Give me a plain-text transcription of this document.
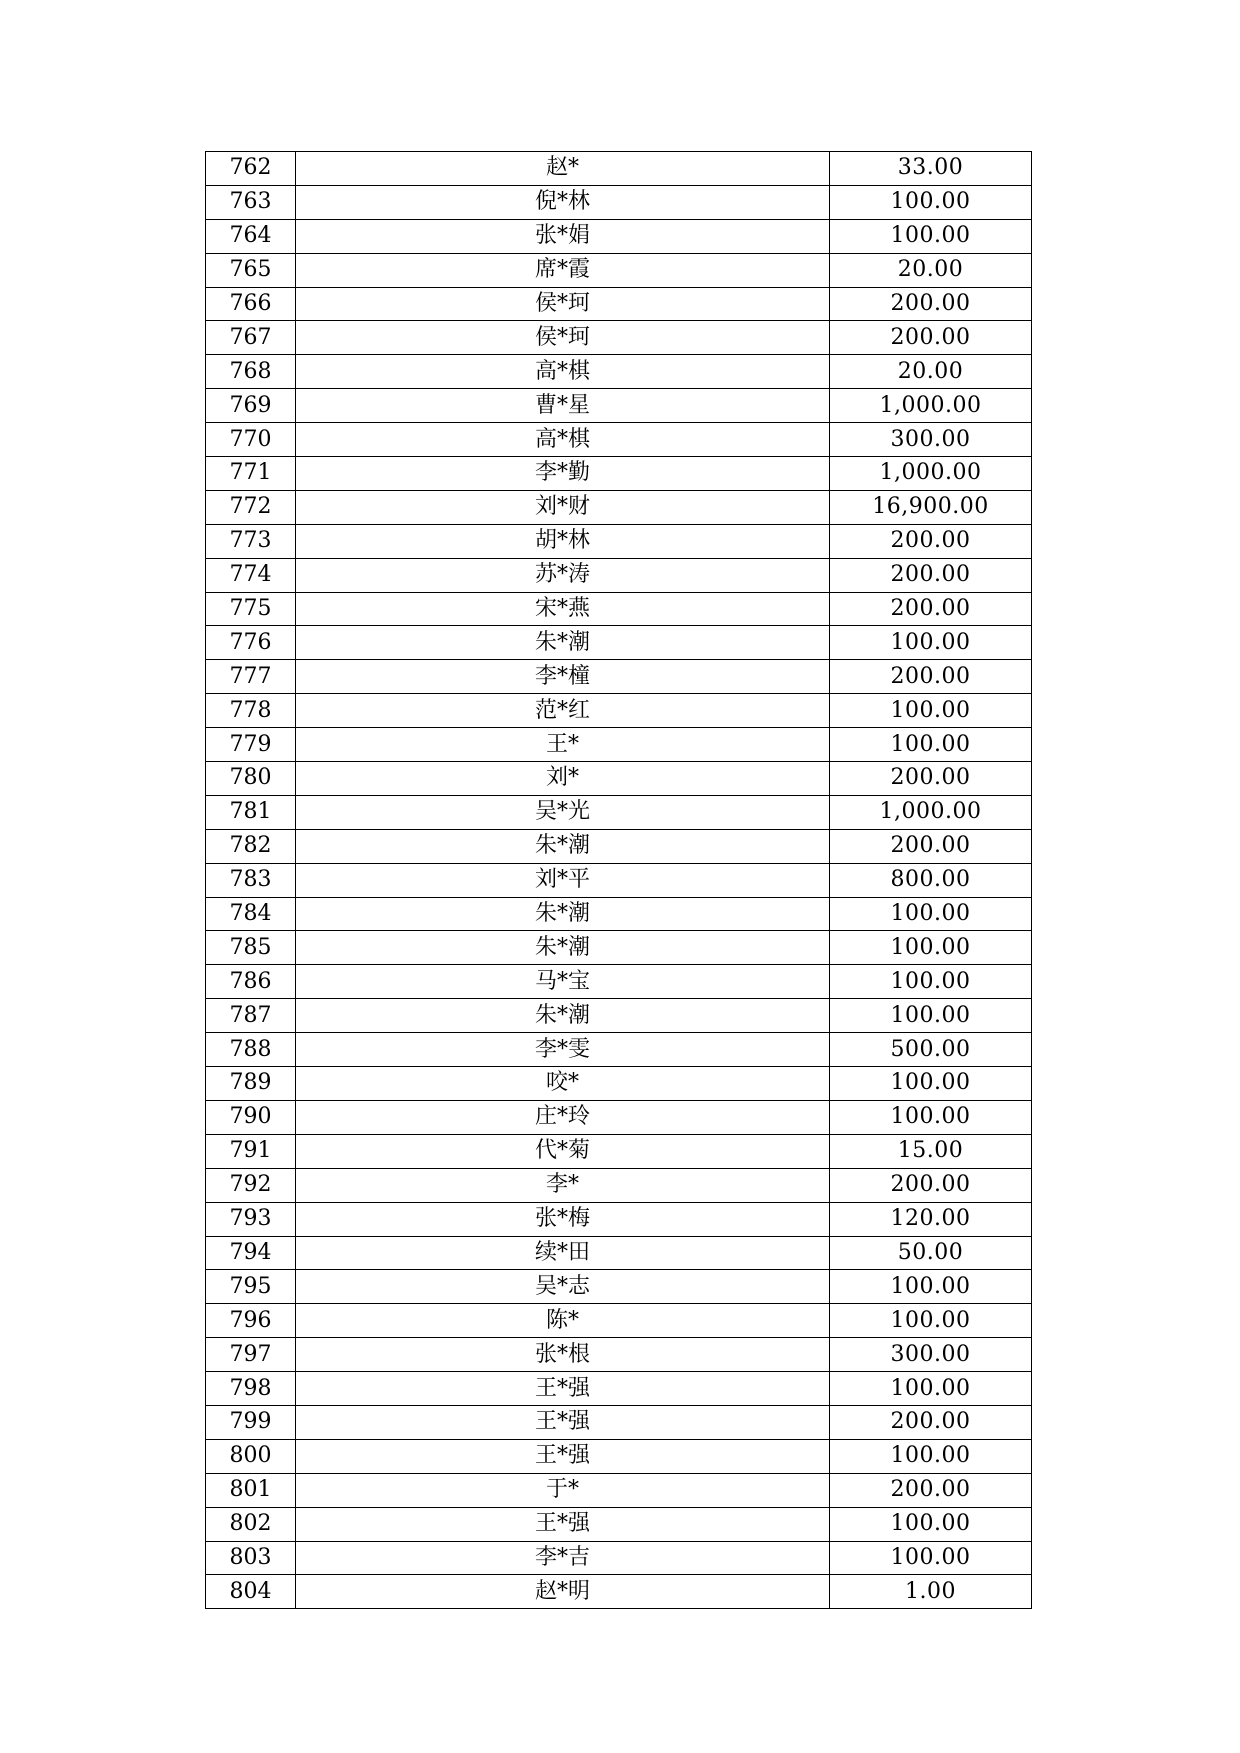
762	赵*	33.00
763	倪*林	100.00
764	张*娟	100.00
765	席*霞	20.00
766	侯*珂	200.00
767	侯*珂	200.00
768	高*棋	20.00
769	曹*星	1,000.00
770	高*棋	300.00
771	李*勤	1,000.00
772	刘*财	16,900.00
773	胡*林	200.00
774	苏*涛	200.00
775	宋*燕	200.00
776	朱*潮	100.00
777	李*橦	200.00
778	范*红	100.00
779	王*	100.00
780	刘*	200.00
781	吴*光	1,000.00
782	朱*潮	200.00
783	刘*平	800.00
784	朱*潮	100.00
785	朱*潮	100.00
786	马*宝	100.00
787	朱*潮	100.00
788	李*雯	500.00
789	咬*	100.00
790	庄*玲	100.00
791	代*菊	15.00
792	李*	200.00
793	张*梅	120.00
794	续*田	50.00
795	吴*志	100.00
796	陈*	100.00
797	张*根	300.00
798	王*强	100.00
799	王*强	200.00
800	王*强	100.00
801	于*	200.00
802	王*强	100.00
803	李*吉	100.00
804	赵*明	1.00
